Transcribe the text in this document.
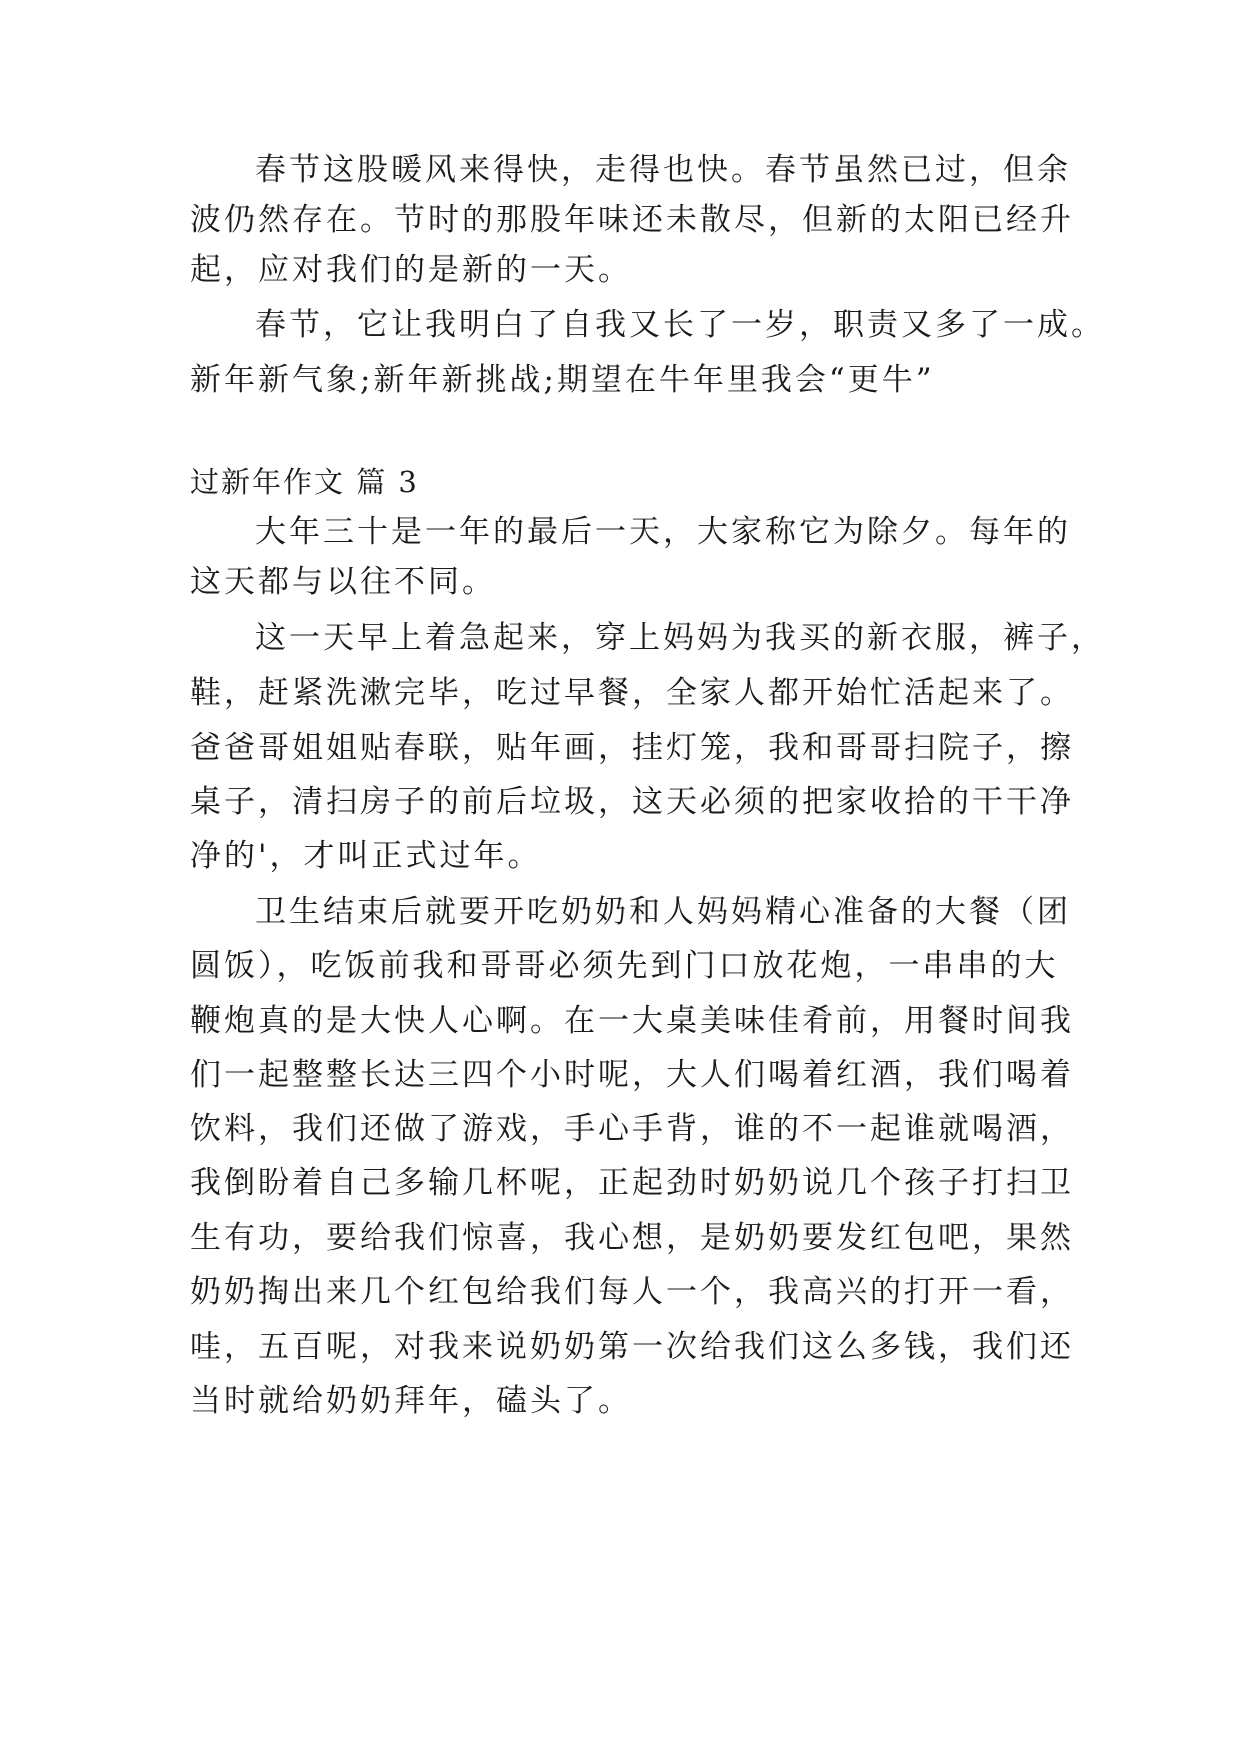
春节这股暖风来得快，走得也快。春节虽然已过，但余
波仍然存在。节时的那股年味还未散尽，但新的太阳已经升
起，应对我们的是新的一天。
春节，它让我明白了自我又长了一岁，职责又多了一成。
新年新气象;新年新挑战;期望在牛年里我会“更牛”
过新年作文 篇 3
大年三十是一年的最后一天，大家称它为除夕。每年的
这天都与以往不同。
这一天早上着急起来，穿上妈妈为我买的新衣服，裤子，
鞋，赶紧洗漱完毕，吃过早餐，全家人都开始忙活起来了。
爸爸哥姐姐贴春联，贴年画，挂灯笼，我和哥哥扫院子，擦
桌子，清扫房子的前后垃圾，这天必须的把家收拾的干干净
净的'，才叫正式过年。
卫生结束后就要开吃奶奶和人妈妈精心准备的大餐（团
圆饭），吃饭前我和哥哥必须先到门口放花炮，一串串的大
鞭炮真的是大快人心啊。在一大桌美味佳肴前，用餐时间我
们一起整整长达三四个小时呢，大人们喝着红酒，我们喝着
饮料，我们还做了游戏，手心手背，谁的不一起谁就喝酒，
我倒盼着自己多输几杯呢，正起劲时奶奶说几个孩子打扫卫
生有功，要给我们惊喜，我心想，是奶奶要发红包吧，果然
奶奶掏出来几个红包给我们每人一个，我高兴的打开一看，
哇，五百呢，对我来说奶奶第一次给我们这么多钱，我们还
当时就给奶奶拜年，磕头了。
